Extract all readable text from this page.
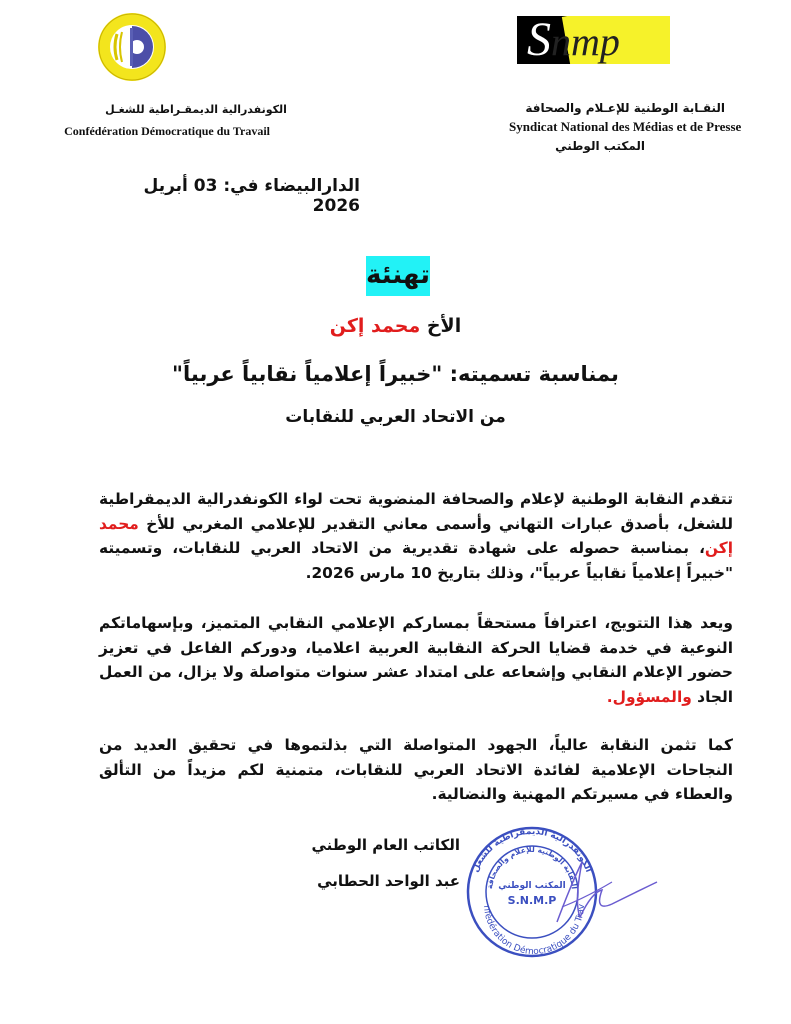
الكونفدرالية الديمقـراطية للشغـل
Confédération Démocratique du Travail
Snmp
النقـابة الوطنية للإعـلام والصحافة
Syndicat National des Médias et de Presse
المكتب الوطني
الدارالبيضاء في: 03 أبريل 2026
تهنئة
الأخ محمد إكن
بمناسبة تسميته: "خبيراً إعلامياً نقابياً عربياً"
من الاتحاد العربي للنقابات
تتقدم النقابة الوطنية لإعلام والصحافة المنضوية تحت لواء الكونفدرالية الديمقراطية للشغل، بأصدق عبارات التهاني وأسمى معاني التقدير للإعلامي المغربي للأخ محمد إكن، بمناسبة حصوله على شهادة تقديرية من الاتحاد العربي للنقابات، وتسميته "خبيراً إعلامياً نقابياً عربياً"، وذلك بتاريخ 10 مارس 2026.
ويعد هذا التتويج، اعترافاً مستحقاً بمساركم الإعلامي النقابي المتميز، وبإسهاماتكم النوعية في خدمة قضايا الحركة النقابية العربية اعلاميا، ودوركم الفاعل في تعزيز حضور الإعلام النقابي وإشعاعه على امتداد عشر سنوات متواصلة ولا يزال، من العمل الجاد والمسؤول.
كما تثمن النقابة عالياً، الجهود المتواصلة التي بذلتموها في تحقيق العديد من النجاحات الإعلامية لفائدة الاتحاد العربي للنقابات، متمنية لكم مزيداً من التألق والعطاء في مسيرتكم المهنية والنضالية.
الكاتب العام الوطني
عبد الواحد الحطابي
الكونفدرالية الديمقراطية للشغل
nfédération Démocratique du Trav
النقابة الوطنية للإعلام والصحافة
المكتب الوطني
S.N.M.P
